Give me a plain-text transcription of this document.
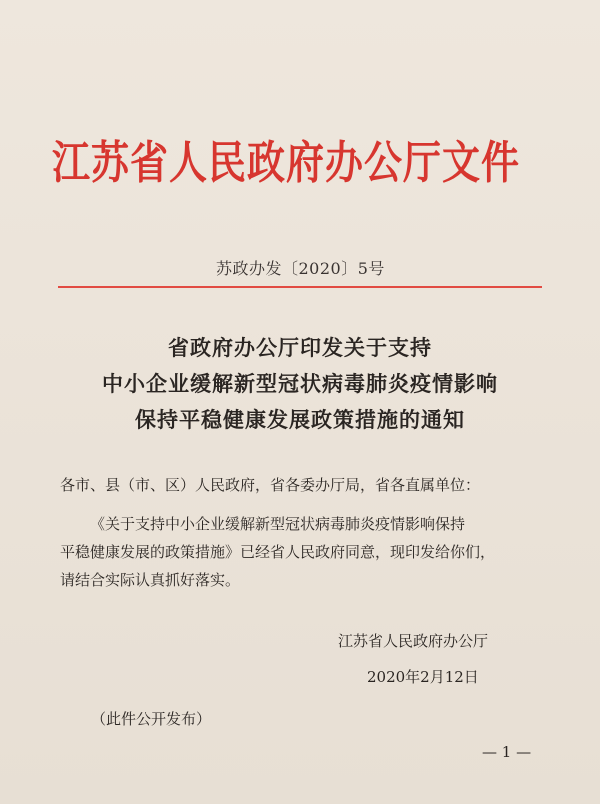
江苏省人民政府办公厅文件
苏政办发〔2020〕5号
省政府办公厅印发关于支持
中小企业缓解新型冠状病毒肺炎疫情影响
保持平稳健康发展政策措施的通知
各市、县（市、区）人民政府，省各委办厅局，省各直属单位：
《关于支持中小企业缓解新型冠状病毒肺炎疫情影响保持
平稳健康发展的政策措施》已经省人民政府同意，现印发给你们，
请结合实际认真抓好落实。
江苏省人民政府办公厅
2020年2月12日
（此件公开发布）
— 1 —
